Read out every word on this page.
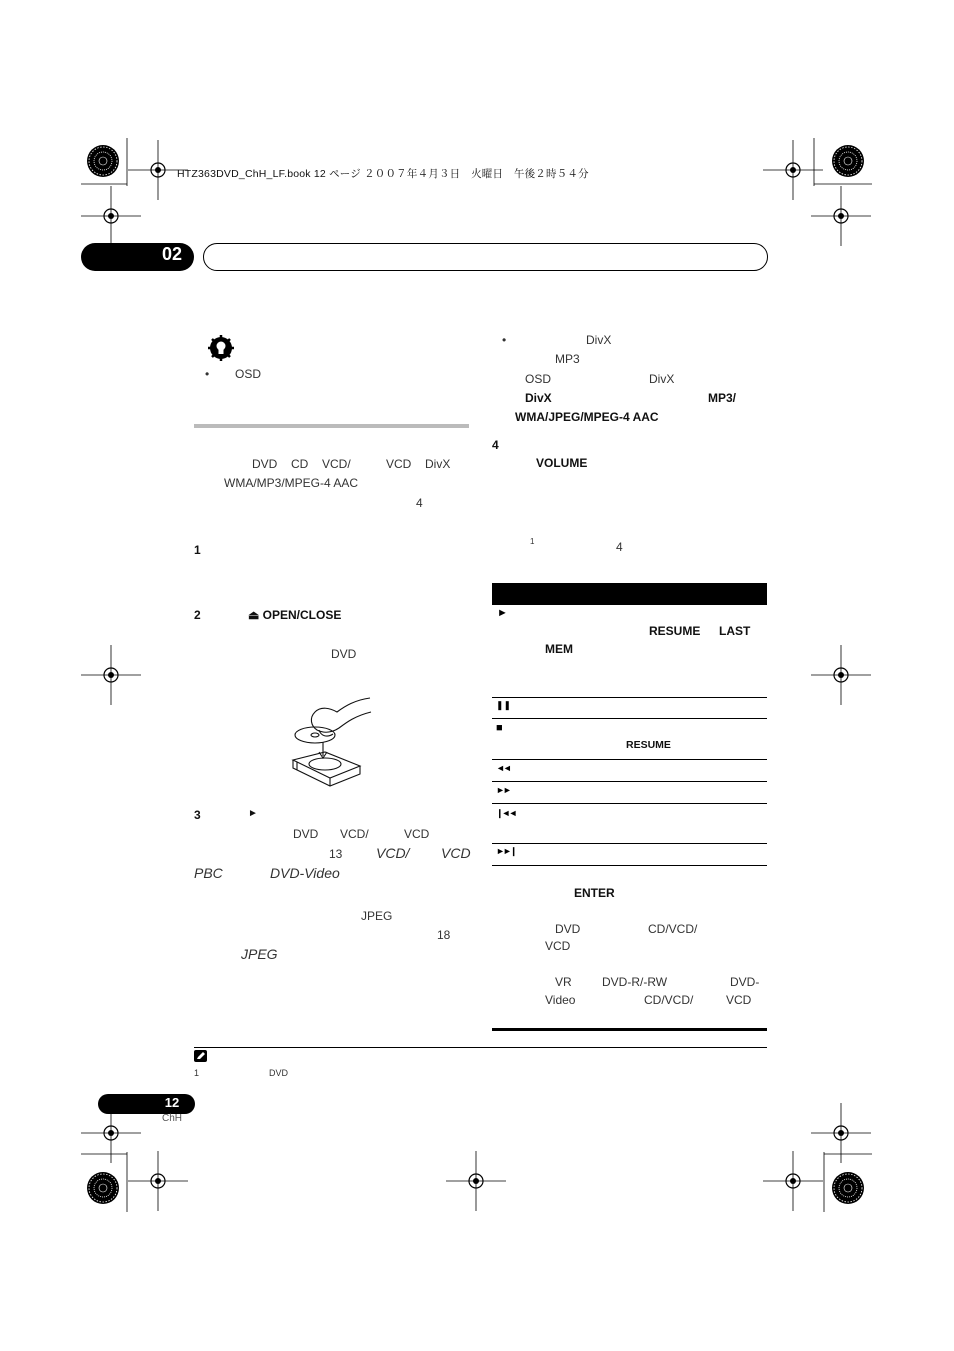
HTZ363DVD_ChH_LF.book 12 ページ ２００７年４月３日　火曜日　午後２時５４分
02
• OSD
DVD CD VCD/	VCD DivX
WMA/MP3/MPEG-4 AAC
4
1
2	⏏ OPEN/CLOSE
DVD
3	►
DVD VCD/	VCD
13 VCD/ VCD
PBC	DVD-Video
JPEG
18
JPEG
•	DivX
MP3
OSD	DivX
DivX	MP3/
WMA/JPEG/MPEG-4 AAC
4
VOLUME
1	4
►
RESUME LAST
MEM
❚❚
■
RESUME
◄◄
►►
❙◄◄
►►❙
ENTER
DVD	CD/VCD/
VCD
VR	DVD-R/-RW	DVD-
Video	CD/VCD/	VCD
1	DVD
12
ChH
